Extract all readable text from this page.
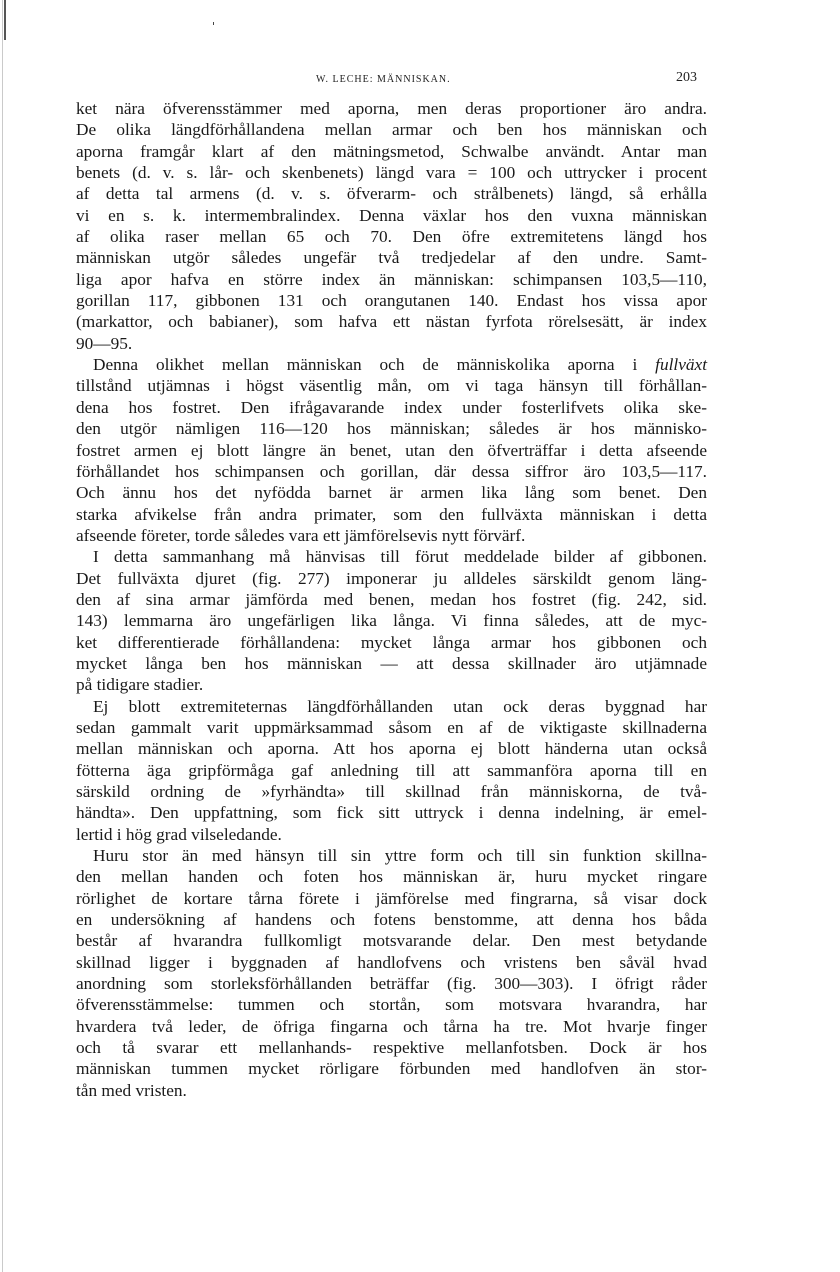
W. LECHE: MÄNNISKAN.	203
ket nära öfverensstämmer med aporna, men deras proportioner äro andra.
De olika längdförhållandena mellan armar och ben hos människan och
aporna framgår klart af den mätningsmetod, Schwalbe användt. Antar man
benets (d. v. s. lår- och skenbenets) längd vara = 100 och uttrycker i procent
af detta tal armens (d. v. s. öfverarm- och strålbenets) längd, så erhålla
vi en s. k. intermembralindex. Denna växlar hos den vuxna människan
af olika raser mellan 65 och 70. Den öfre extremitetens längd hos
människan utgör således ungefär två tredjedelar af den undre. Samt-
liga apor hafva en större index än människan: schimpansen 103,5—110,
gorillan 117, gibbonen 131 och orangutanen 140. Endast hos vissa apor
(markattor, och babianer), som hafva ett nästan fyrfota rörelsesätt, är index
90—95.
Denna olikhet mellan människan och de människolika aporna i fullväxt
tillstånd utjämnas i högst väsentlig mån, om vi taga hänsyn till förhållan-
dena hos fostret. Den ifrågavarande index under fosterlifvets olika ske-
den utgör nämligen 116—120 hos människan; således är hos människo-
fostret armen ej blott längre än benet, utan den öfverträffar i detta afseende
förhållandet hos schimpansen och gorillan, där dessa siffror äro 103,5—117.
Och ännu hos det nyfödda barnet är armen lika lång som benet. Den
starka afvikelse från andra primater, som den fullväxta människan i detta
afseende företer, torde således vara ett jämförelsevis nytt förvärf.
I detta sammanhang må hänvisas till förut meddelade bilder af gibbonen.
Det fullväxta djuret (fig. 277) imponerar ju alldeles särskildt genom läng-
den af sina armar jämförda med benen, medan hos fostret (fig. 242, sid.
143) lemmarna äro ungefärligen lika långa. Vi finna således, att de myc-
ket differentierade förhållandena: mycket långa armar hos gibbonen och
mycket långa ben hos människan — att dessa skillnader äro utjämnade
på tidigare stadier.
Ej blott extremiteternas längdförhållanden utan ock deras byggnad har
sedan gammalt varit uppmärksammad såsom en af de viktigaste skillnaderna
mellan människan och aporna. Att hos aporna ej blott händerna utan också
fötterna äga gripförmåga gaf anledning till att sammanföra aporna till en
särskild ordning de »fyrhändta» till skillnad från människorna, de två-
händta». Den uppfattning, som fick sitt uttryck i denna indelning, är emel-
lertid i hög grad vilseledande.
Huru stor än med hänsyn till sin yttre form och till sin funktion skillna-
den mellan handen och foten hos människan är, huru mycket ringare
rörlighet de kortare tårna förete i jämförelse med fingrarna, så visar dock
en undersökning af handens och fotens benstomme, att denna hos båda
består af hvarandra fullkomligt motsvarande delar. Den mest betydande
skillnad ligger i byggnaden af handlofvens och vristens ben såväl hvad
anordning som storleksförhållanden beträffar (fig. 300—303). I öfrigt råder
öfverensstämmelse: tummen och stortån, som motsvara hvarandra, har
hvardera två leder, de öfriga fingarna och tårna ha tre. Mot hvarje finger
och tå svarar ett mellanhands- respektive mellanfotsben. Dock är hos
människan tummen mycket rörligare förbunden med handlofven än stor-
tån med vristen.
